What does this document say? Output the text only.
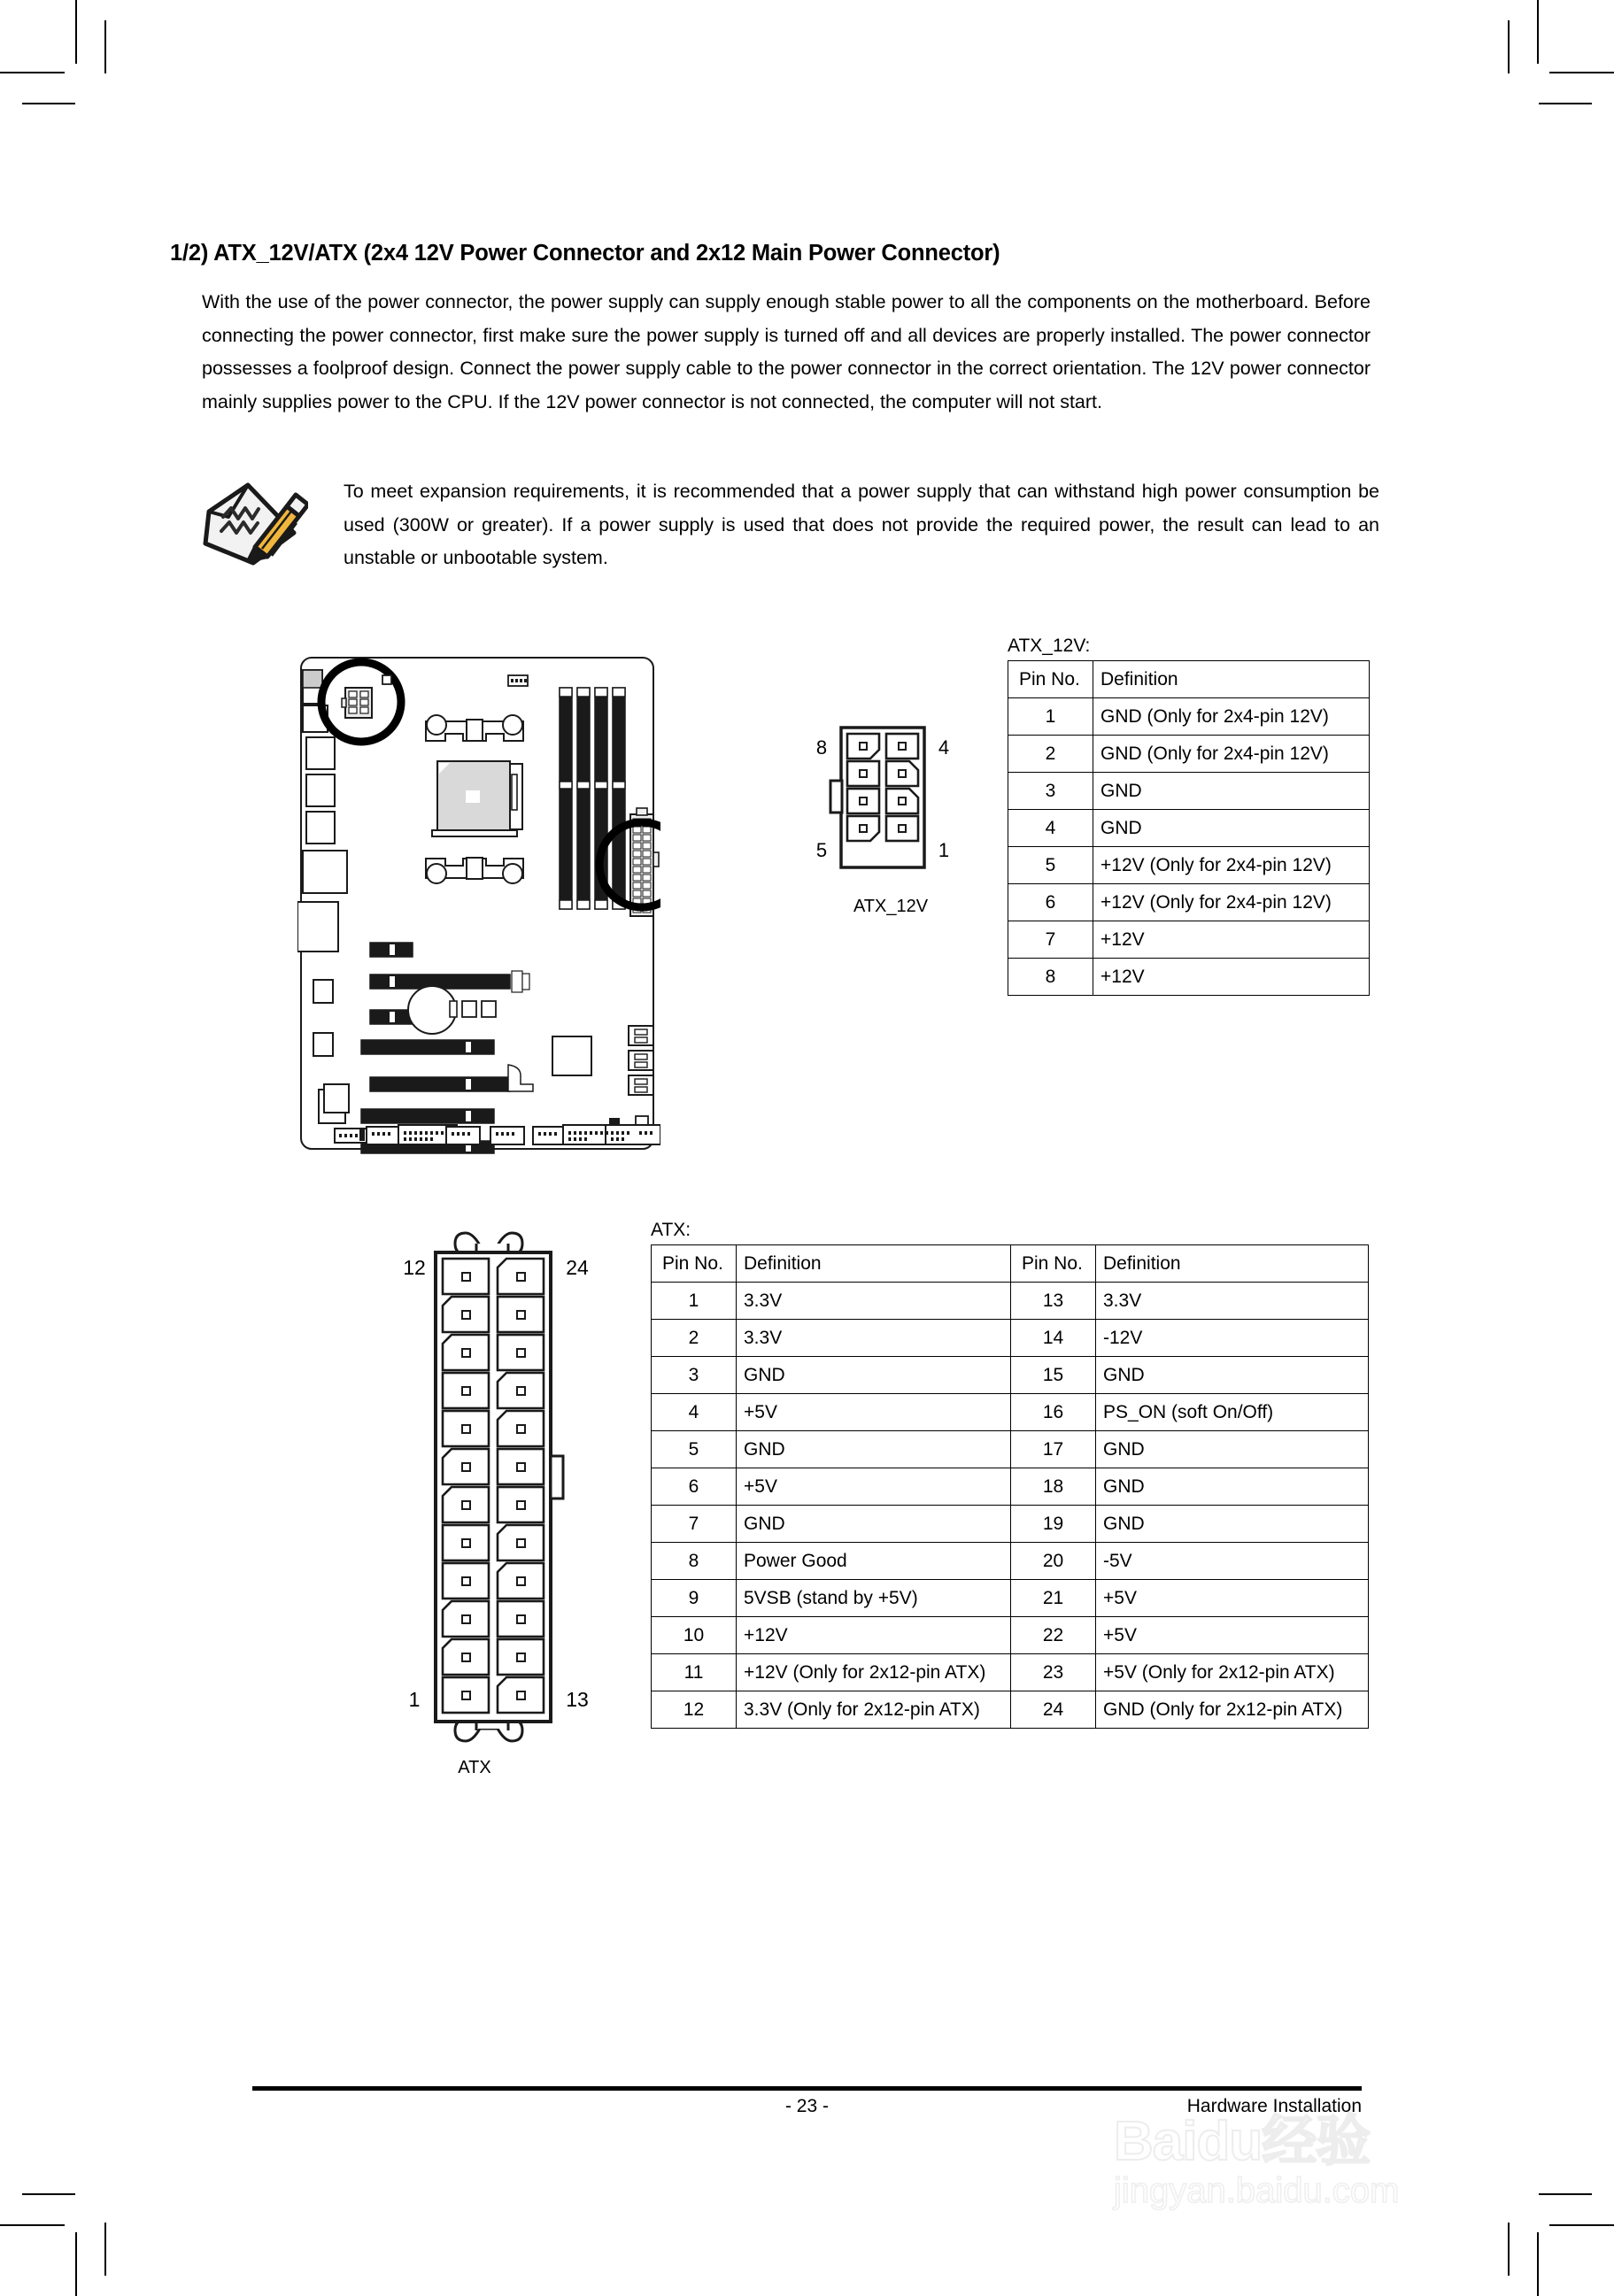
1/2) ATX_12V/ATX (2x4 12V Power Connector and 2x12 Main Power Connector)

With the use of the power connector, the power supply can supply enough stable power to all the components on the motherboard. Before connecting the power connector, first make sure the power supply is turned off and all devices are properly installed. The power connector possesses a foolproof design. Connect the power supply cable to the power connector in the correct orientation. The 12V power connector mainly supplies power to the CPU. If the 12V power connector is not connected, the computer will not start.

To meet expansion requirements, it is recommended that a power supply that can withstand high power consumption be used (300W or greater). If a power supply is used that does not provide the required power, the result can lead to an unstable or unbootable system.

8	4
5	1
ATX_12V
12	24
1	13
ATX
ATX_12V:
Pin No.	Definition
1	GND (Only for 2x4-pin 12V)
2	GND (Only for 2x4-pin 12V)
3	GND
4	GND
5	+12V (Only for 2x4-pin 12V)
6	+12V (Only for 2x4-pin 12V)
7	+12V
8	+12V
ATX:
Pin No.	Definition	Pin No.	Definition
1	3.3V	13	3.3V
2	3.3V	14	-12V
3	GND	15	GND
4	+5V	16	PS_ON (soft On/Off)
5	GND	17	GND
6	+5V	18	GND
7	GND	19	GND
8	Power Good	20	-5V
9	5VSB (stand by +5V)	21	+5V
10	+12V	22	+5V
11	+12V (Only for 2x12-pin ATX)	23	+5V (Only for 2x12-pin ATX)
12	3.3V (Only for 2x12-pin ATX)	24	GND (Only for 2x12-pin ATX)
- 23 -	Hardware Installation
Baidu经验
jingyan.baidu.com
